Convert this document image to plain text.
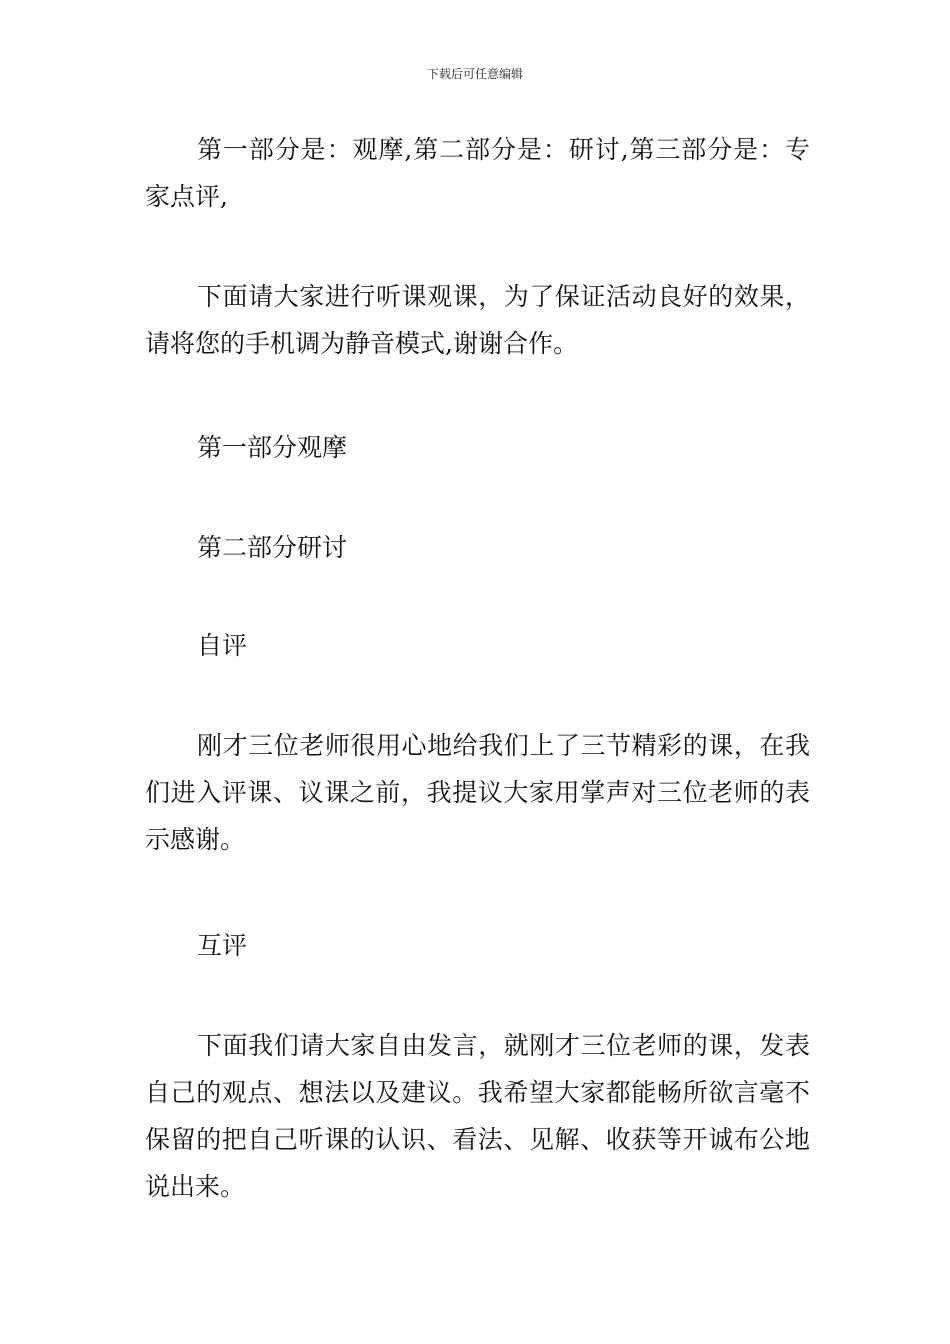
下载后可任意编辑

第一部分是：观摩,第二部分是：研讨,第三部分是：专家点评,

下面请大家进行听课观课，为了保证活动良好的效果，请将您的手机调为静音模式,谢谢合作。

第一部分观摩

第二部分研讨

自评

刚才三位老师很用心地给我们上了三节精彩的课，在我们进入评课、议课之前，我提议大家用掌声对三位老师的表示感谢。

互评

下面我们请大家自由发言，就刚才三位老师的课，发表自己的观点、想法以及建议。我希望大家都能畅所欲言毫不保留的把自己听课的认识、看法、见解、收获等开诚布公地说出来。
